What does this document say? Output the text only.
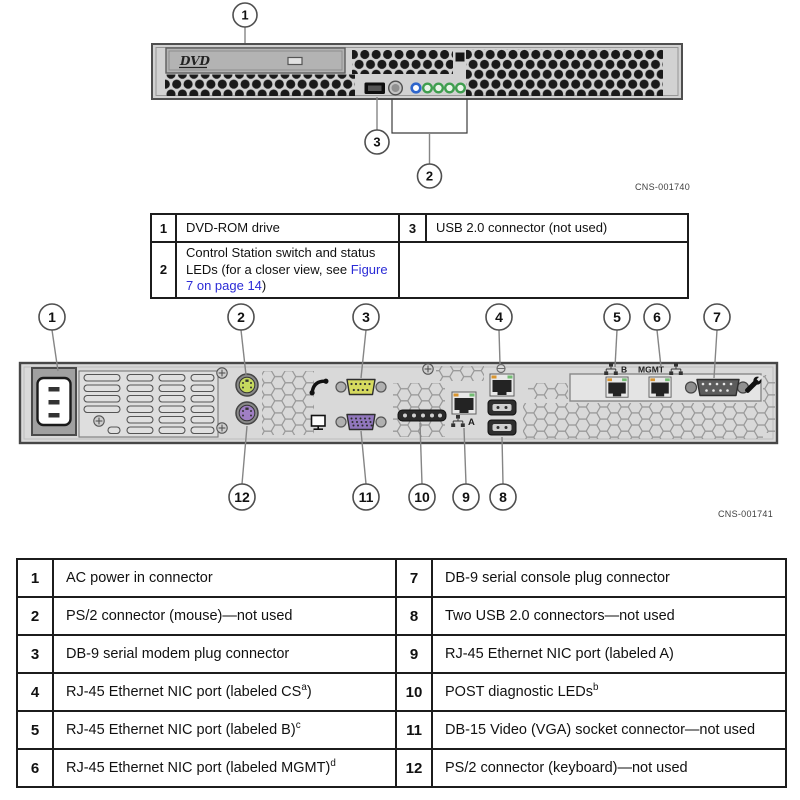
1
DVD
3
2
CNS-001740
1	DVD-ROM drive	3	USB 2.0 connector (not used)
2	Control Station switch and status LEDs (for a closer view, see Figure 7 on page 14)		
A
B MGMT
1	2	3	4	5 6	7
12	11	10 9 8
CNS-001741
1	AC power in connector	7	DB-9 serial console plug connector
2	PS/2 connector (mouse)—not used	8	Two USB 2.0 connectors—not used
3	DB-9 serial modem plug connector	9	RJ-45 Ethernet NIC port (labeled A)
4	RJ-45 Ethernet NIC port (labeled $CS^a$)	10	POST diagnostic LEDs$^b$
5	RJ-45 Ethernet NIC port (labeled B)$^c$	11	DB-15 Video (VGA) socket connector—not used
6	RJ-45 Ethernet NIC port (labeled MGMT)$^d$	12	PS/2 connector (keyboard)—not used
